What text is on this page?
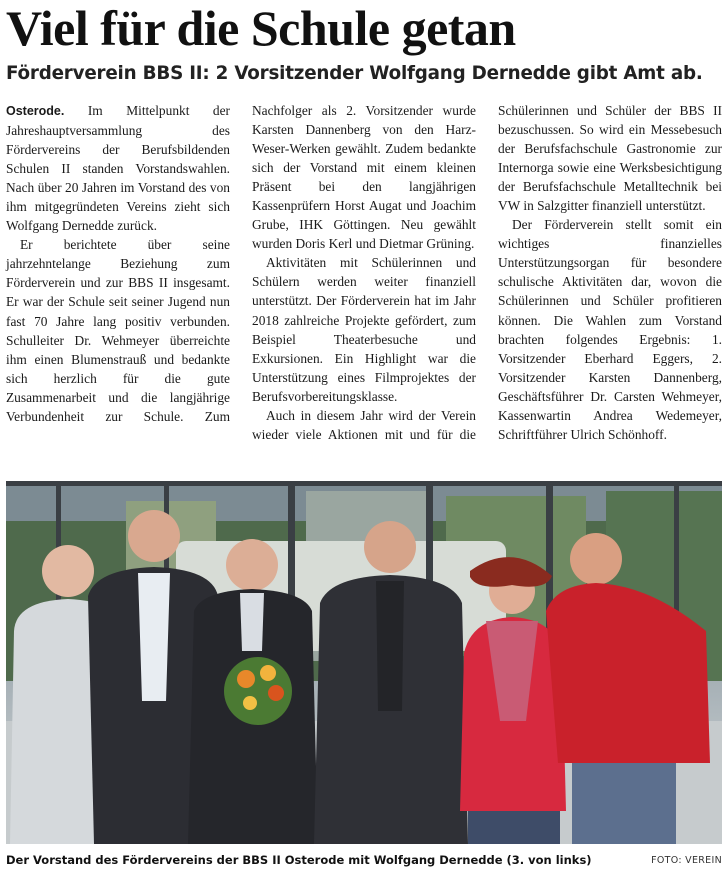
Viel für die Schule getan
Förderverein BBS II: 2 Vorsitzender Wolfgang Dernedde gibt Amt ab.

Osterode. Im Mittelpunkt der Jahreshauptversammlung des Fördervereins der Berufsbildenden Schulen II standen Vorstandswahlen. Nach über 20 Jahren im Vorstand des von ihm mitgegründeten Vereins zieht sich Wolfgang Dernedde zurück.

Er berichtete über seine jahrzehntelange Beziehung zum Förderverein und zur BBS II insgesamt. Er war der Schule seit seiner Jugend nun fast 70 Jahre lang positiv verbunden. Schulleiter Dr. Wehmeyer überreichte ihm einen Blumenstrauß und bedankte sich herzlich für die gute Zusammenarbeit und die langjährige Verbundenheit zur Schule. Zum Nachfolger als 2. Vorsitzender wurde Karsten Dannenberg von den Harz-Weser-Werken gewählt. Zudem bedankte sich der Vorstand mit einem kleinen Präsent bei den langjährigen Kassenprüfern Horst Augat und Joachim Grube, IHK Göttingen. Neu gewählt wurden Doris Kerl und Dietmar Grüning.

Aktivitäten mit Schülerinnen und Schülern werden weiter finanziell unterstützt. Der Förderverein hat im Jahr 2018 zahlreiche Projekte gefördert, zum Beispiel Theaterbesuche und Exkursionen. Ein Highlight war die Unterstützung eines Filmprojektes der Berufsvorbereitungsklasse.

Auch in diesem Jahr wird der Verein wieder viele Aktionen mit und für die Schülerinnen und Schüler der BBS II bezuschussen. So wird ein Messebesuch der Berufsfachschule Gastronomie zur Internorga sowie eine Werksbesichtigung der Berufsfachschule Metalltechnik bei VW in Salzgitter finanziell unterstützt.

Der Förderverein stellt somit ein wichtiges finanzielles Unterstützungsorgan für besondere schulische Aktivitäten dar, wovon die Schülerinnen und Schüler profitieren können. Die Wahlen zum Vorstand brachten folgendes Ergebnis: 1. Vorsitzender Eberhard Eggers, 2. Vorsitzender Karsten Dannenberg, Geschäftsführer Dr. Carsten Wehmeyer, Kassenwartin Andrea Wedemeyer, Schriftführer Ulrich Schönhoff.

Der Vorstand des Fördervereins der BBS II Osterode mit Wolfgang Dernedde (3. von links)	FOTO: VEREIN
